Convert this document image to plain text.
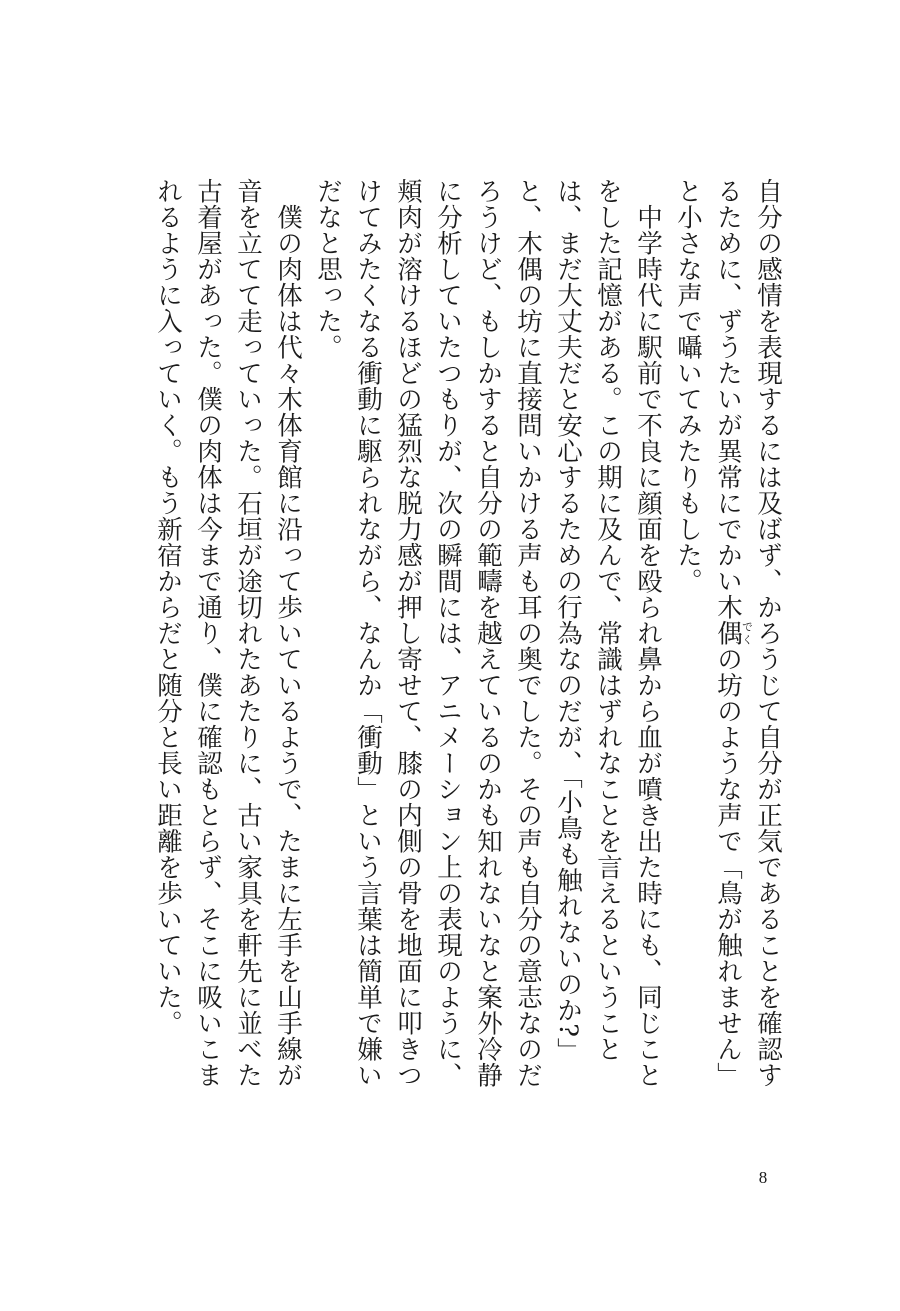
自分の感情を表現するには及ばず、かろうじて自分が正気であることを確認するために、ずうたいが異常にでかい木偶でくの坊のような声で「鳥が触れません」と小さな声で囁いてみたりもした。

中学時代に駅前で不良に顔面を殴られ鼻から血が噴き出た時にも、同じことをした記憶がある。この期に及んで、常識はずれなことを言えるということは、まだ大丈夫だと安心するための行為なのだが、「小鳥も触れないのか?」と、木偶の坊に直接問いかける声も耳の奥でした。その声も自分の意志なのだろうけど、もしかすると自分の範疇を越えているのかも知れないなと案外冷静に分析していたつもりが、次の瞬間には、アニメーション上の表現のように、頬肉が溶けるほどの猛烈な脱力感が押し寄せて、膝の内側の骨を地面に叩きつけてみたくなる衝動に駆られながら、なんか「衝動」という言葉は簡単で嫌いだなと思った。

僕の肉体は代々木体育館に沿って歩いているようで、たまに左手を山手線が音を立てて走っていった。石垣が途切れたあたりに、古い家具を軒先に並べた古着屋があった。僕の肉体は今まで通り、僕に確認もとらず、そこに吸いこまれるように入っていく。もう新宿からだと随分と長い距離を歩いていた。

8
